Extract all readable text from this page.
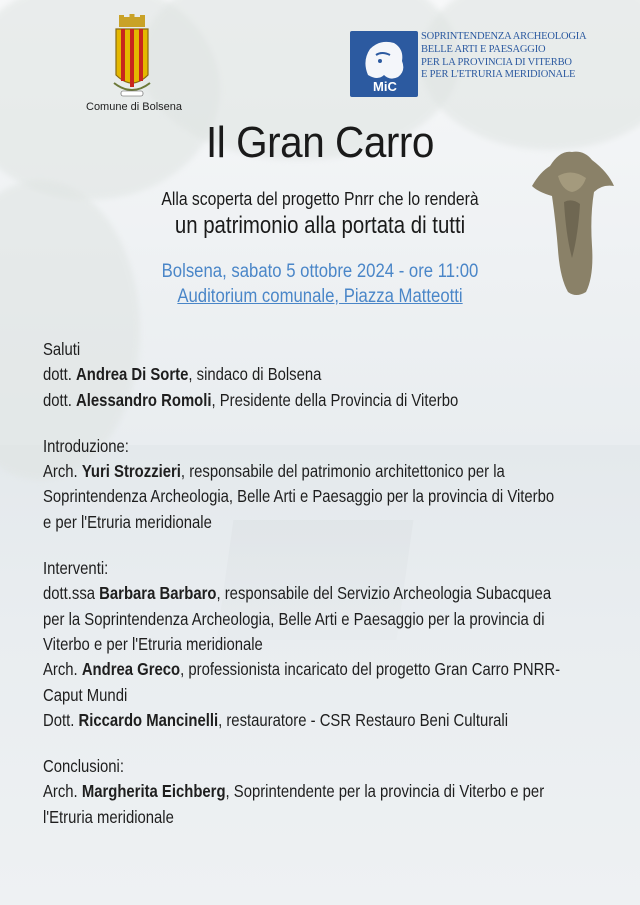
Comune di Bolsena
MiC
SOPRINTENDENZA ARCHEOLOGIA
BELLE ARTI E PAESAGGIO
PER LA PROVINCIA DI VITERBO
E PER L'ETRURIA MERIDIONALE
Il Gran Carro
Alla scoperta del progetto Pnrr che lo renderà
un patrimonio alla portata di tutti
Bolsena, sabato 5 ottobre 2024 - ore 11:00
Auditorium comunale, Piazza Matteotti
Saluti
dott. Andrea Di Sorte, sindaco di Bolsena
dott. Alessandro Romoli, Presidente della Provincia di Viterbo
Introduzione:
Arch. Yuri Strozzieri, responsabile del patrimonio architettonico per la
Soprintendenza Archeologia, Belle Arti e Paesaggio per la provincia di Viterbo
e per l'Etruria meridionale
Interventi:
dott.ssa Barbara Barbaro, responsabile del Servizio Archeologia Subacquea
per la Soprintendenza Archeologia, Belle Arti e Paesaggio per la provincia di
Viterbo e per l'Etruria meridionale
Arch. Andrea Greco, professionista incaricato del progetto Gran Carro PNRR-
Caput Mundi
Dott. Riccardo Mancinelli, restauratore - CSR Restauro Beni Culturali
Conclusioni:
Arch. Margherita Eichberg, Soprintendente per la provincia di Viterbo e per
l'Etruria meridionale
